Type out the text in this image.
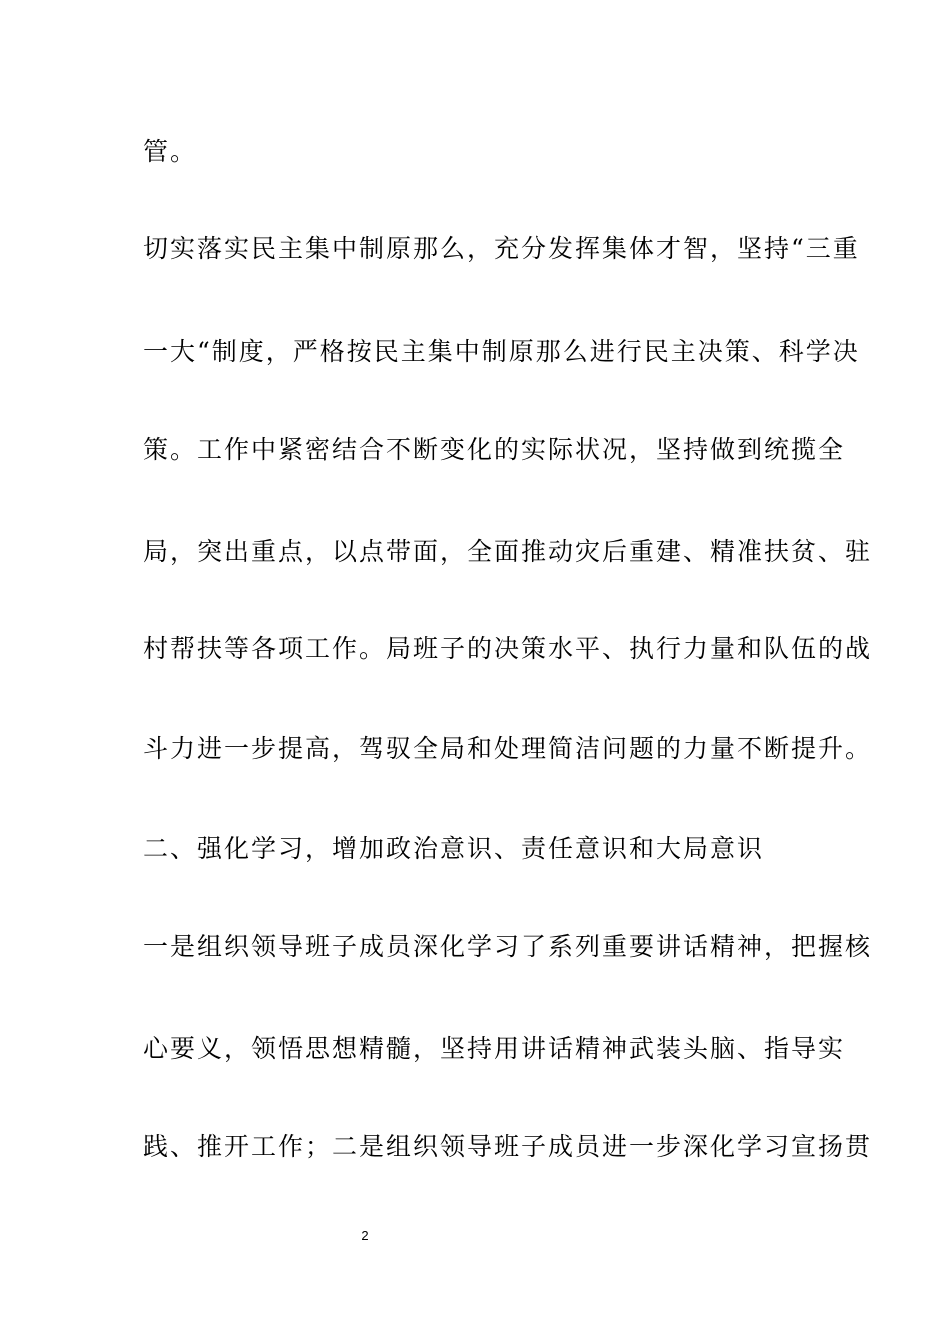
管。
切实落实民主集中制原那么，充分发挥集体才智，坚持“三重
一大“制度，严格按民主集中制原那么进行民主决策、科学决
策。工作中紧密结合不断变化的实际状况，坚持做到统揽全
局，突出重点，以点带面，全面推动灾后重建、精准扶贫、驻
村帮扶等各项工作。局班子的决策水平、执行力量和队伍的战
斗力进一步提高，驾驭全局和处理简洁问题的力量不断提升。
二、强化学习，增加政治意识、责任意识和大局意识
一是组织领导班子成员深化学习了系列重要讲话精神，把握核
心要义，领悟思想精髓，坚持用讲话精神武装头脑、指导实
践、推开工作；二是组织领导班子成员进一步深化学习宣扬贯
2
